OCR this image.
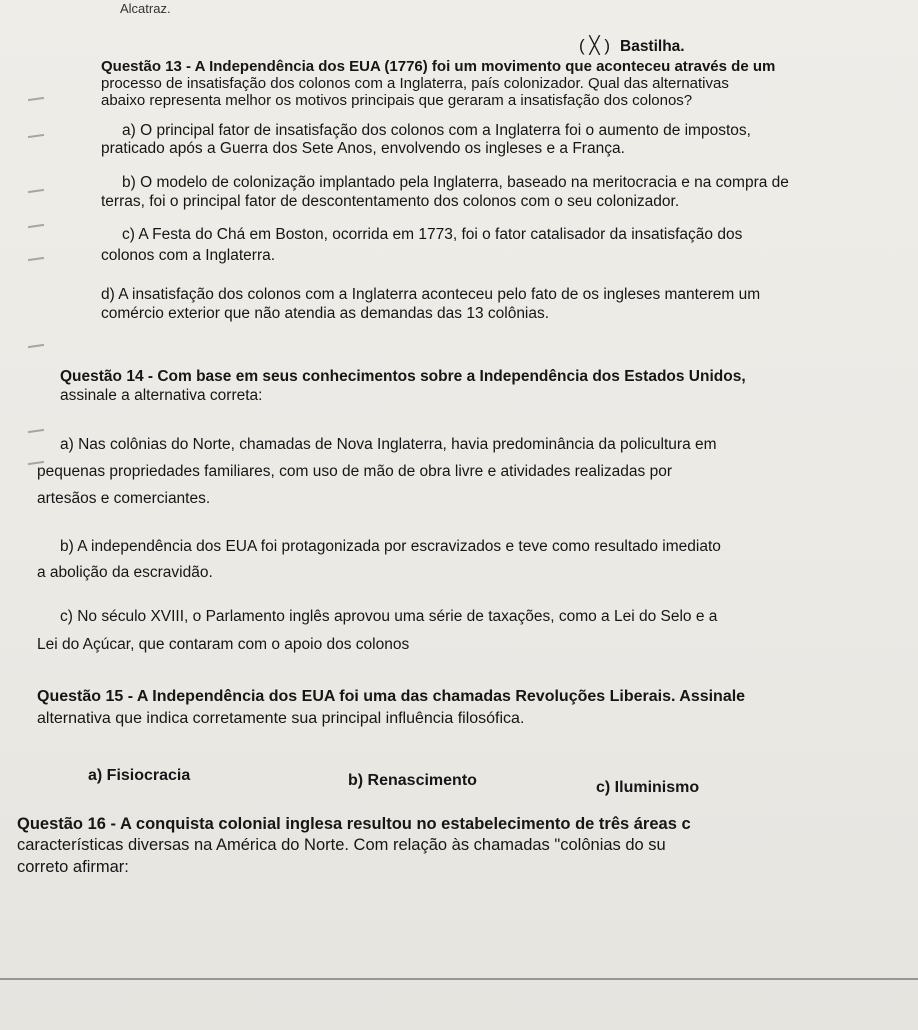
Alcatraz.
( ╳ ) Bastilha.
Questão 13 - A Independência dos EUA (1776) foi um movimento que aconteceu através de um
processo de insatisfação dos colonos com a Inglaterra, país colonizador. Qual das alternativas
abaixo representa melhor os motivos principais que geraram a insatisfação dos colonos?
a) O principal fator de insatisfação dos colonos com a Inglaterra foi o aumento de impostos,
praticado após a Guerra dos Sete Anos, envolvendo os ingleses e a França.
b) O modelo de colonização implantado pela Inglaterra, baseado na meritocracia e na compra de
terras, foi o principal fator de descontentamento dos colonos com o seu colonizador.
c) A Festa do Chá em Boston, ocorrida em 1773, foi o fator catalisador da insatisfação dos
colonos com a Inglaterra.
d) A insatisfação dos colonos com a Inglaterra aconteceu pelo fato de os ingleses manterem um
comércio exterior que não atendia as demandas das 13 colônias.
Questão 14 - Com base em seus conhecimentos sobre a Independência dos Estados Unidos,
assinale a alternativa correta:
a) Nas colônias do Norte, chamadas de Nova Inglaterra, havia predominância da policultura em
pequenas propriedades familiares, com uso de mão de obra livre e atividades realizadas por
artesãos e comerciantes.
b) A independência dos EUA foi protagonizada por escravizados e teve como resultado imediato
a abolição da escravidão.
c) No século XVIII, o Parlamento inglês aprovou uma série de taxações, como a Lei do Selo e a
Lei do Açúcar, que contaram com o apoio dos colonos
Questão 15 - A Independência dos EUA foi uma das chamadas Revoluções Liberais. Assinale
alternativa que indica corretamente sua principal influência filosófica.
a) Fisiocracia	b) Renascimento	c) Iluminismo
Questão 16 - A conquista colonial inglesa resultou no estabelecimento de três áreas c
características diversas na América do Norte. Com relação às chamadas "colônias do su
correto afirmar:
